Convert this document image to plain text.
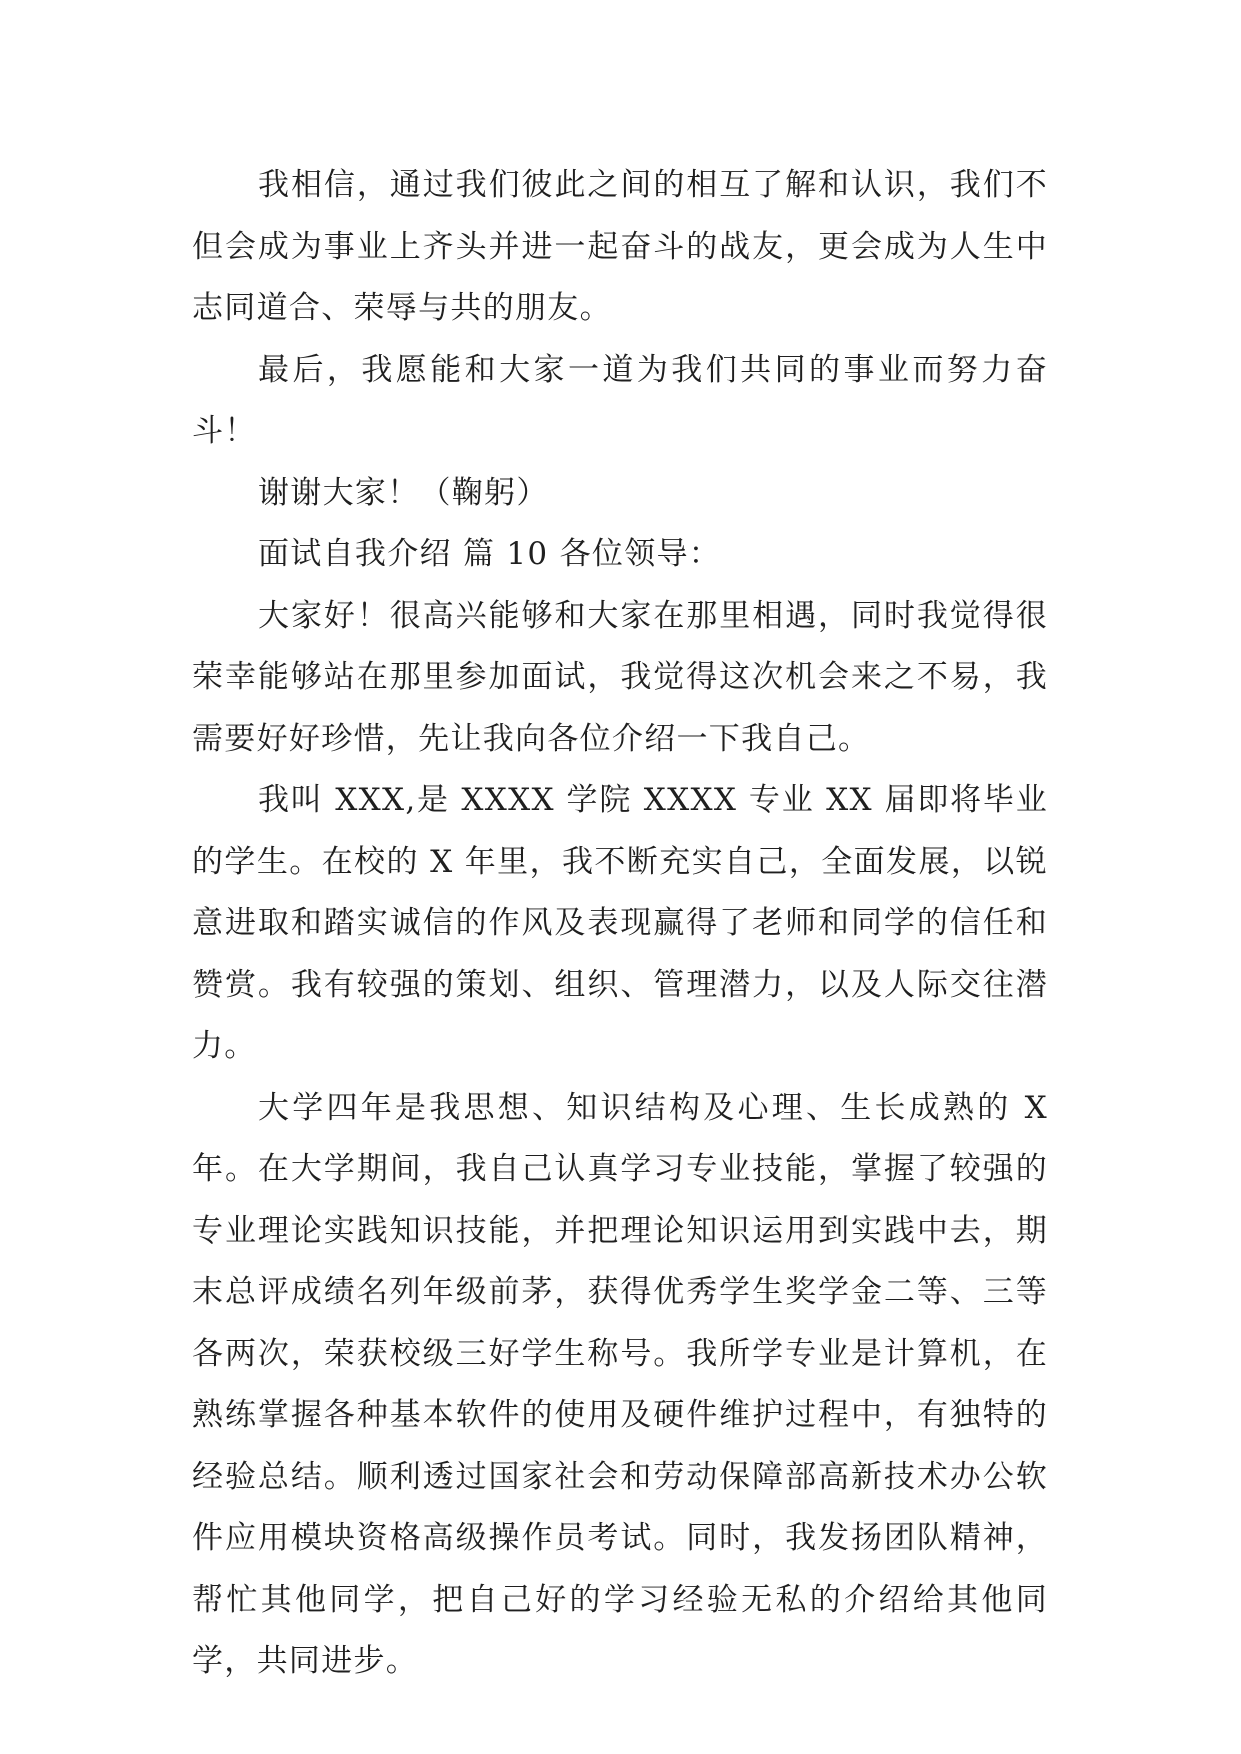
我相信，通过我们彼此之间的相互了解和认识，我们不但会成为事业上齐头并进一起奋斗的战友，更会成为人生中志同道合、荣辱与共的朋友。

最后，我愿能和大家一道为我们共同的事业而努力奋斗！

谢谢大家！（鞠躬）

面试自我介绍 篇 10 各位领导：

大家好！很高兴能够和大家在那里相遇，同时我觉得很荣幸能够站在那里参加面试，我觉得这次机会来之不易，我需要好好珍惜，先让我向各位介绍一下我自己。

我叫 XXX,是 XXXX 学院 XXXX 专业 XX 届即将毕业的学生。在校的 X 年里，我不断充实自己，全面发展，以锐意进取和踏实诚信的作风及表现赢得了老师和同学的信任和赞赏。我有较强的策划、组织、管理潜力，以及人际交往潜力。

大学四年是我思想、知识结构及心理、生长成熟的 X 年。在大学期间，我自己认真学习专业技能，掌握了较强的专业理论实践知识技能，并把理论知识运用到实践中去，期末总评成绩名列年级前茅，获得优秀学生奖学金二等、三等各两次，荣获校级三好学生称号。我所学专业是计算机，在熟练掌握各种基本软件的使用及硬件维护过程中，有独特的经验总结。顺利透过国家社会和劳动保障部高新技术办公软件应用模块资格高级操作员考试。同时，我发扬团队精神，帮忙其他同学，把自己好的学习经验无私的介绍给其他同学，共同进步。
